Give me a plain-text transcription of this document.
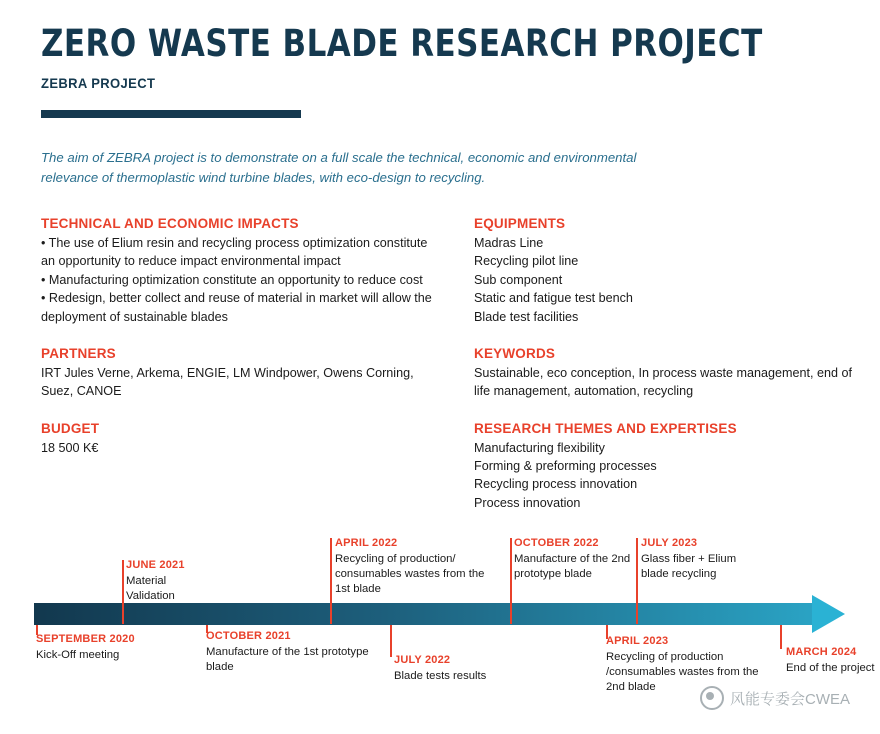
ZERO WASTE BLADE RESEARCH PROJECT
ZEBRA PROJECT
The aim of ZEBRA project is to demonstrate on a full scale the technical, economic and environmental relevance of thermoplastic wind turbine blades, with eco-design to recycling.

TECHNICAL AND ECONOMIC IMPACTS

• The use of Elium resin and recycling process optimization constitute an opportunity to reduce impact environmental impact
• Manufacturing optimization constitute an opportunity to reduce cost
• Redesign, better collect and reuse of material in market will allow the deployment of sustainable blades

PARTNERS

IRT Jules Verne, Arkema, ENGIE, LM Windpower, Owens Corning, Suez, CANOE

BUDGET

18 500 K€

EQUIPMENTS

Madras Line
Recycling pilot line
Sub component
Static and fatigue test bench
Blade test facilities

KEYWORDS

Sustainable, eco conception, In process waste management, end of life management, automation, recycling

RESEARCH THEMES AND EXPERTISES

Manufacturing flexibility
Forming & preforming processes
Recycling process innovation
Process innovation
SEPTEMBER 2020
Kick-Off meeting
JUNE 2021
Material Validation
OCTOBER 2021
Manufacture of the 1st prototype blade
APRIL 2022
Recycling of production/ consumables wastes from the 1st blade
JULY 2022
Blade tests results
OCTOBER 2022
Manufacture of the 2nd prototype blade
APRIL 2023
Recycling of production /consumables wastes from the 2nd blade
JULY 2023
Glass fiber + Elium blade recycling
MARCH 2024
End of the project
风能专委会CWEA
